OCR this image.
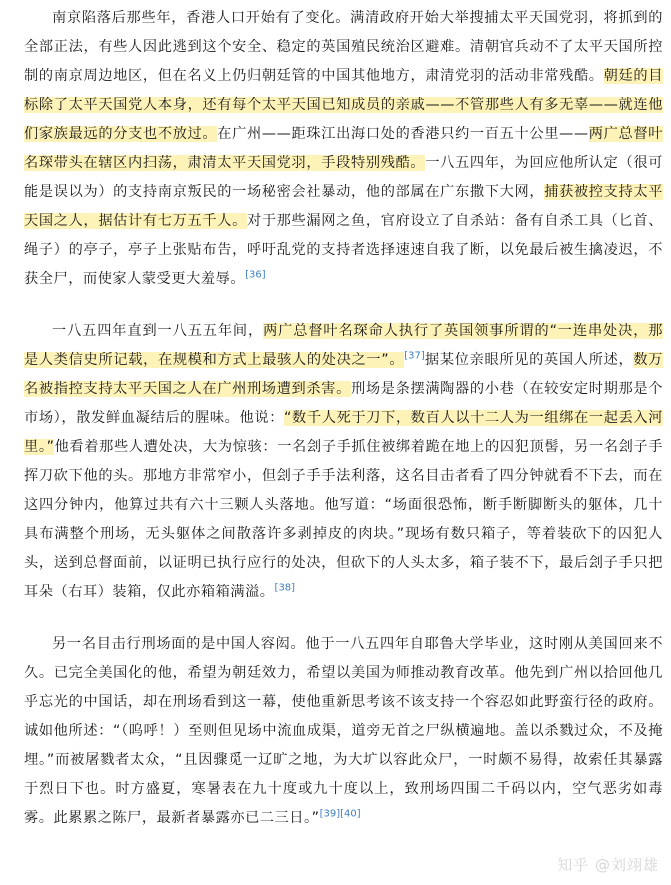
南京陷落后那些年，香港人口开始有了变化。满清政府开始大举搜捕太平天国党羽，将抓到的全部正法，有些人因此逃到这个安全、稳定的英国殖民统治区避难。清朝官兵动不了太平天国所控制的南京周边地区，但在名义上仍归朝廷管的中国其他地方，肃清党羽的活动非常残酷。朝廷的目标除了太平天国党人本身，还有每个太平天国已知成员的亲戚——不管那些人有多无辜——就连他们家族最远的分支也不放过。在广州——距珠江出海口处的香港只约一百五十公里——两广总督叶名琛带头在辖区内扫荡，肃清太平天国党羽，手段特别残酷。一八五四年，为回应他所认定（很可能是误以为）的支持南京叛民的一场秘密会社暴动，他的部属在广东撒下大网，捕获被控支持太平天国之人，据估计有七万五千人。对于那些漏网之鱼，官府设立了自杀站：备有自杀工具（匕首、绳子）的亭子，亭子上张贴布告，呼吁乱党的支持者选择速速自我了断，以免最后被生擒凌迟，不获全尸，而使家人蒙受更大羞辱。[36]

一八五四年直到一八五五年间，两广总督叶名琛命人执行了英国领事所谓的“一连串处决，那是人类信史所记载，在规模和方式上最骇人的处决之一”。[37]据某位亲眼所见的英国人所述，数万名被指控支持太平天国之人在广州刑场遭到杀害。刑场是条摆满陶器的小巷（在较安定时期那是个市场），散发鲜血凝结后的腥味。他说：“数千人死于刀下，数百人以十二人为一组绑在一起丢入河里。”他看着那些人遭处决，大为惊骇：一名刽子手抓住被绑着跪在地上的囚犯顶髻，另一名刽子手挥刀砍下他的头。那地方非常窄小，但刽子手手法利落，这名目击者看了四分钟就看不下去，而在这四分钟内，他算过共有六十三颗人头落地。他写道：“场面很恐怖，断手断脚断头的躯体，几十具布满整个刑场，无头躯体之间散落许多剥掉皮的肉块。”现场有数只箱子，等着装砍下的囚犯人头，送到总督面前，以证明已执行应行的处决，但砍下的人头太多，箱子装不下，最后刽子手只把耳朵（右耳）装箱，仅此亦箱箱满溢。[38]

另一名目击行刑场面的是中国人容闳。他于一八五四年自耶鲁大学毕业，这时刚从美国回来不久。已完全美国化的他，希望为朝廷效力，希望以美国为师推动教育改革。他先到广州以拾回他几乎忘光的中国话，却在刑场看到这一幕，使他重新思考该不该支持一个容忍如此野蛮行径的政府。诚如他所述：“（呜呼！）至则但见场中流血成渠，道旁无首之尸纵横遍地。盖以杀戮过众，不及掩埋。”而被屠戮者太众，“且因骤觅一辽旷之地，为大圹以容此众尸，一时颇不易得，故索任其暴露于烈日下也。时方盛夏，寒暑表在九十度或九十度以上，致刑场四围二千码以内，空气恶劣如毒雾。此累累之陈尸，最新者暴露亦已二三日。”[39][40]

知乎 @刘翊雄
